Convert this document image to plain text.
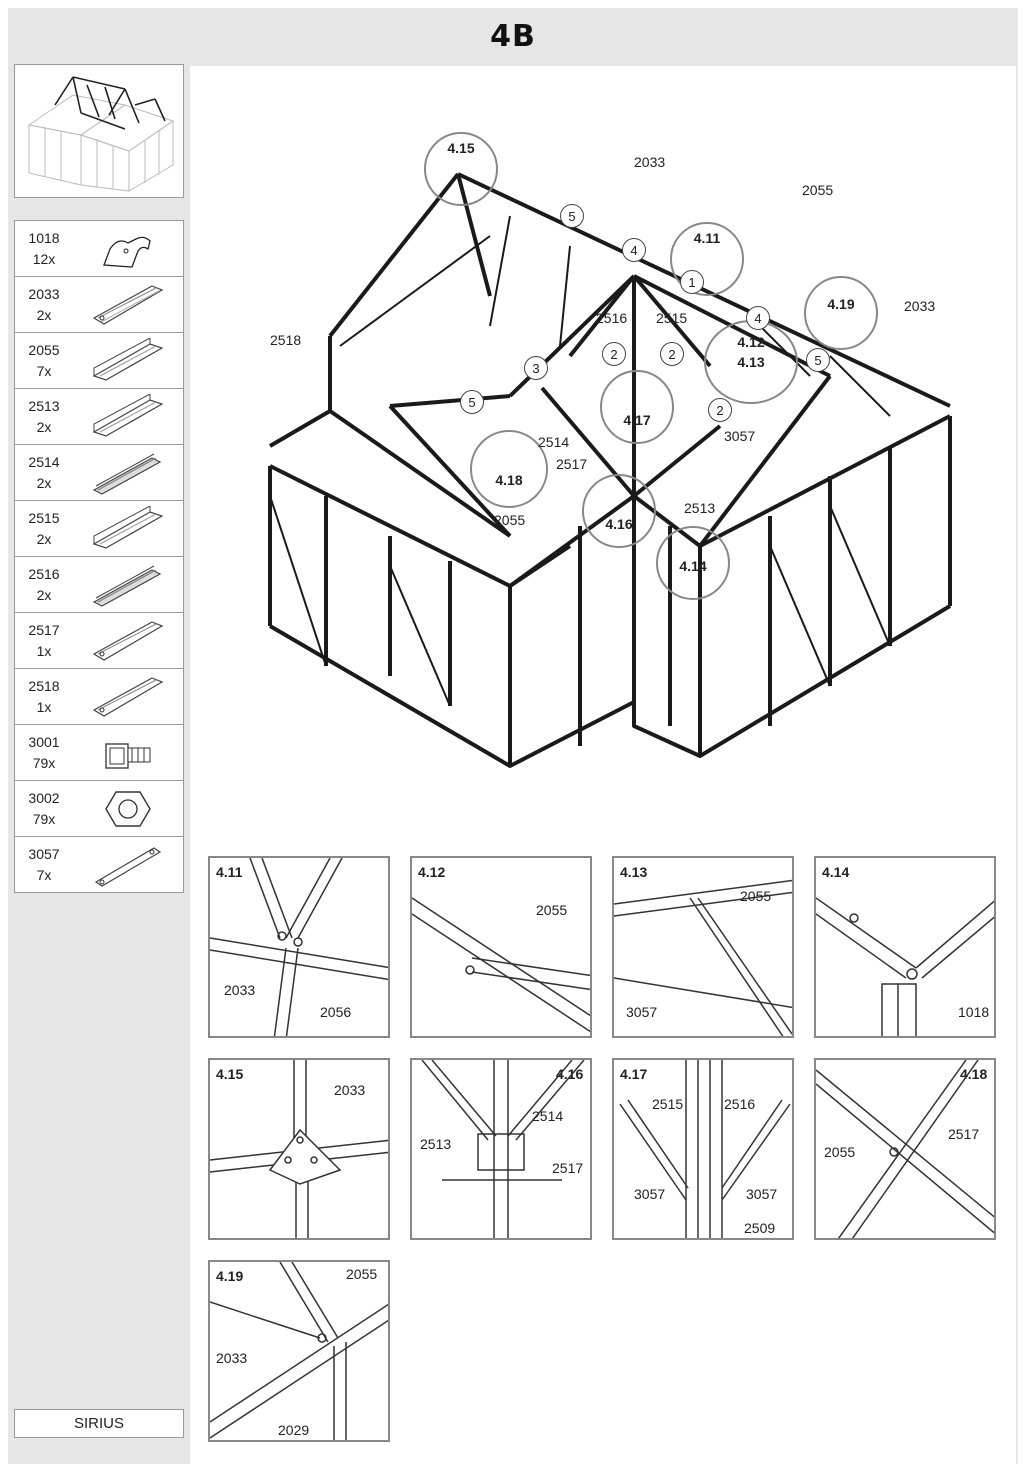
4B
1018
12x
2033
2x
2055
7x
2513
2x
2514
2x
2515
2x
2516
2x
2517
1x
2518
1x
3001
79x
3002
79x
3057
7x
SIRIUS
4.15
4.11
4.19
4.12
4.13
4.17
4.18
4.16
4.14
5
4
1
4
2	2	5
3
5
2
2033
2055
2033
2518
2516 2515
2514
2517
3057
2513
2055
4.11
2033
2056
4.12
2055
4.13
2055
3057
4.14
1018
4.15
2033
4.16
2514
2513
2517
4.17
2515	2516
3057	3057
2509
4.18
2517
2055
4.19	2055
2033
2029
